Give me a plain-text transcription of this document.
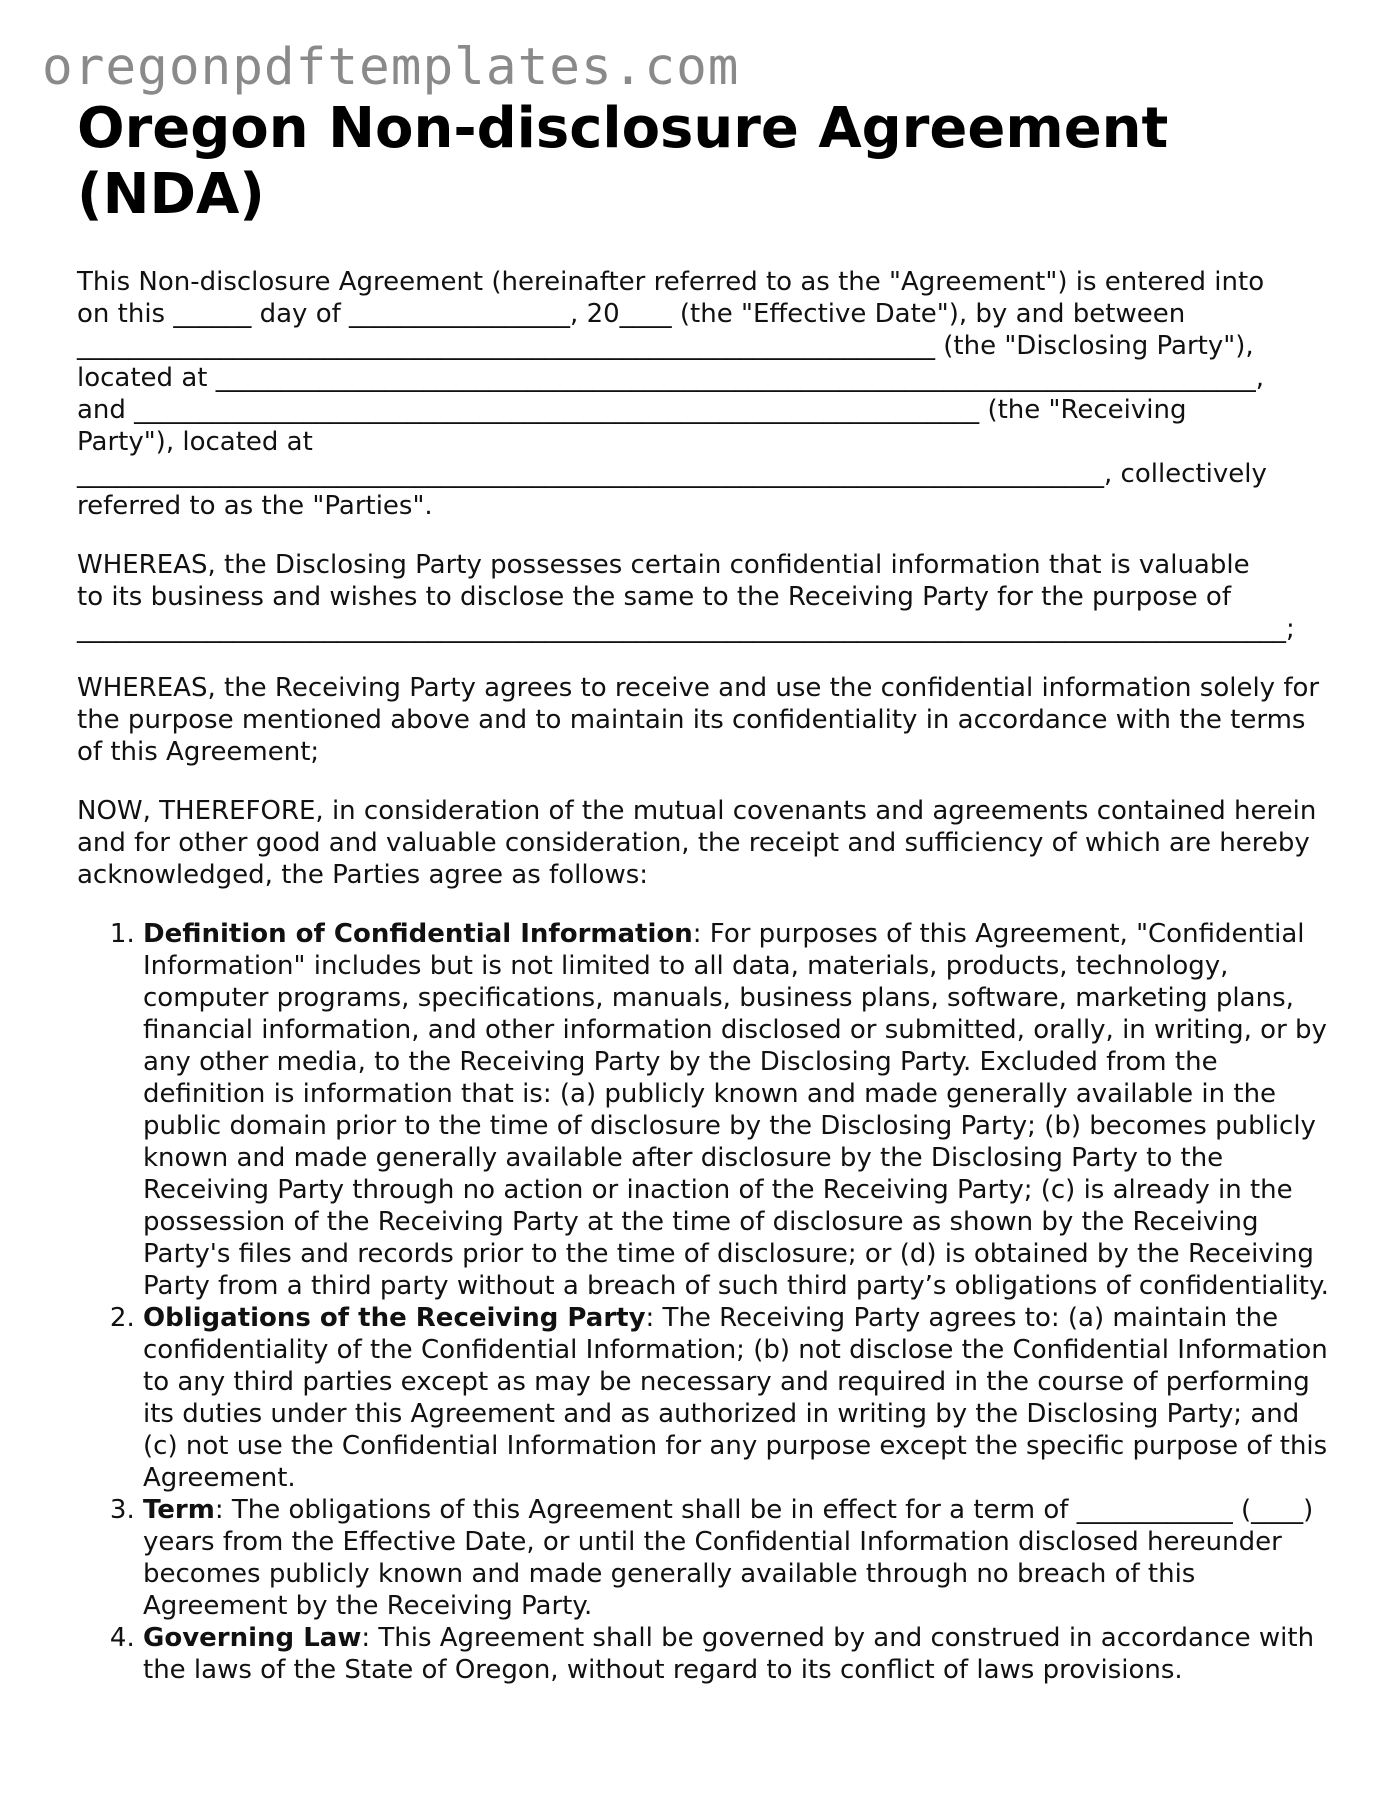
oregonpdftemplates.com
Oregon Non-disclosure Agreement (NDA)

This Non-disclosure Agreement (hereinafter referred to as the "Agreement") is entered into
on this ______ day of _________________, 20____ (the "Effective Date"), by and between
__________________________________________________________________ (the "Disclosing Party"),
located at ________________________________________________________________________________,
and _________________________________________________________________ (the "Receiving
Party"), located at
_______________________________________________________________________________, collectively
referred to as the "Parties".

WHEREAS, the Disclosing Party possesses certain confidential information that is valuable
to its business and wishes to disclose the same to the Receiving Party for the purpose of
_____________________________________________________________________________________________;

WHEREAS, the Receiving Party agrees to receive and use the confidential information solely for the purpose mentioned above and to maintain its confidentiality in accordance with the terms of this Agreement;

NOW, THEREFORE, in consideration of the mutual covenants and agreements contained herein and for other good and valuable consideration, the receipt and sufficiency of which are hereby acknowledged, the Parties agree as follows:

1. Definition of Confidential Information: For purposes of this Agreement, "Confidential Information" includes but is not limited to all data, materials, products, technology, computer programs, specifications, manuals, business plans, software, marketing plans, financial information, and other information disclosed or submitted, orally, in writing, or by any other media, to the Receiving Party by the Disclosing Party. Excluded from the definition is information that is: (a) publicly known and made generally available in the public domain prior to the time of disclosure by the Disclosing Party; (b) becomes publicly known and made generally available after disclosure by the Disclosing Party to the Receiving Party through no action or inaction of the Receiving Party; (c) is already in the possession of the Receiving Party at the time of disclosure as shown by the Receiving Party's files and records prior to the time of disclosure; or (d) is obtained by the Receiving Party from a third party without a breach of such third party’s obligations of confidentiality.
2. Obligations of the Receiving Party: The Receiving Party agrees to: (a) maintain the confidentiality of the Confidential Information; (b) not disclose the Confidential Information to any third parties except as may be necessary and required in the course of performing its duties under this Agreement and as authorized in writing by the Disclosing Party; and (c) not use the Confidential Information for any purpose except the specific purpose of this Agreement.
3. Term: The obligations of this Agreement shall be in effect for a term of ____________ (____) years from the Effective Date, or until the Confidential Information disclosed hereunder becomes publicly known and made generally available through no breach of this Agreement by the Receiving Party.
4. Governing Law: This Agreement shall be governed by and construed in accordance with the laws of the State of Oregon, without regard to its conflict of laws provisions.
